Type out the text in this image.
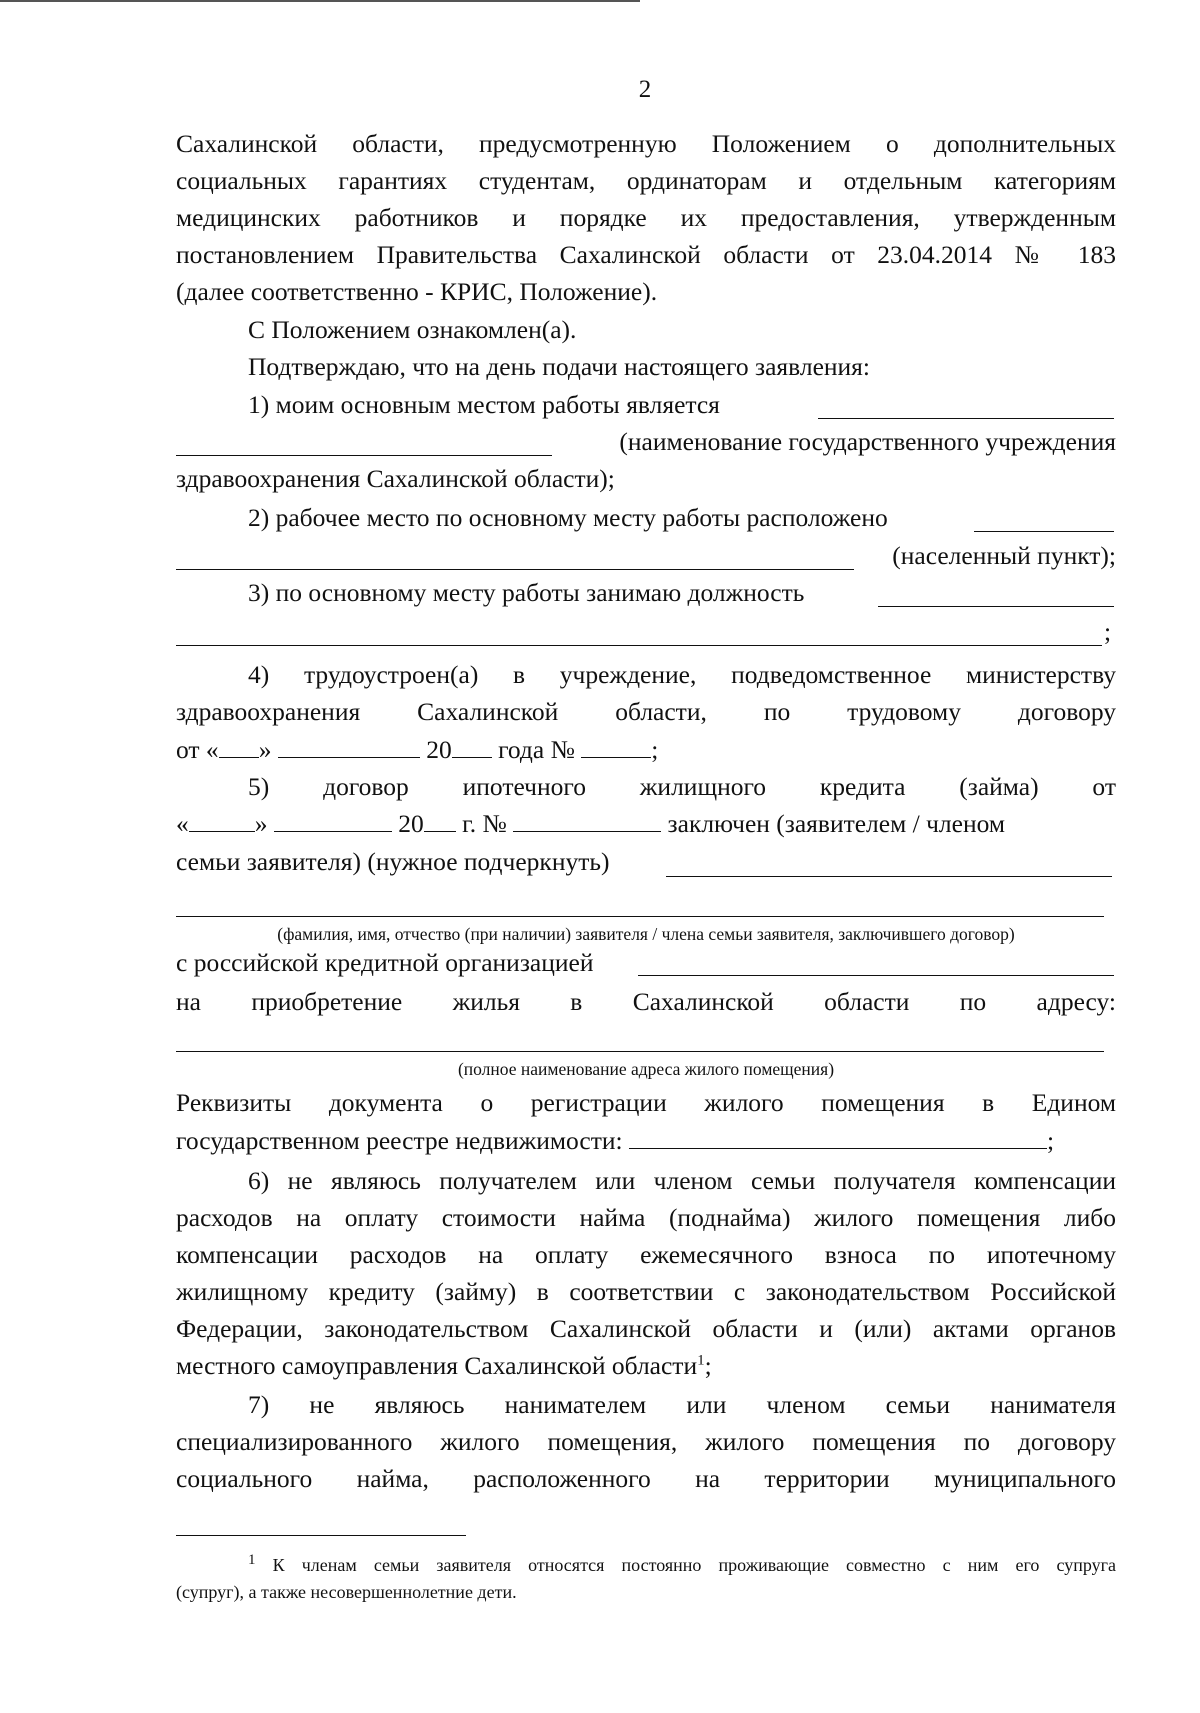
2
Сахалинской области, предусмотренную Положением о дополнительных
социальных гарантиях студентам, ординаторам и отдельным категориям
медицинских работников и порядке их предоставления, утвержденным
постановлением Правительства Сахалинской области от 23.04.2014 № 183
(далее соответственно - КРИС, Положение).
С Положением ознакомлен(а).
Подтверждаю, что на день подачи настоящего заявления:
1) моим основным местом работы является
(наименование государственного учреждения
здравоохранения Сахалинской области);
2) рабочее место по основному месту работы расположено
(населенный пункт);
3) по основному месту работы занимаю должность
;
4) трудоустроен(а) в учреждение, подведомственное министерству
здравоохранения Сахалинской области, по трудовому договору
от « »	20 года №	;
5) договор ипотечного жилищного кредита (займа) от
«	»	20 г. №	заключен (заявителем / членом
семьи заявителя) (нужное подчеркнуть)
(фамилия, имя, отчество (при наличии) заявителя / члена семьи заявителя, заключившего договор)
с российской кредитной организацией
на приобретение жилья в Сахалинской области по адресу:
(полное наименование адреса жилого помещения)
Реквизиты документа о регистрации жилого помещения в Едином
государственном реестре недвижимости:	;
6) не являюсь получателем или членом семьи получателя компенсации
расходов на оплату стоимости найма (поднайма) жилого помещения либо
компенсации расходов на оплату ежемесячного взноса по ипотечному
жилищному кредиту (займу) в соответствии с законодательством Российской
Федерации, законодательством Сахалинской области и (или) актами органов
местного самоуправления Сахалинской области$^1$;
7) не являюсь нанимателем или членом семьи нанимателя
специализированного жилого помещения, жилого помещения по договору
социального найма, расположенного на территории муниципального
$^1$ К членам семьи заявителя относятся постоянно проживающие совместно с ним его супруга
(супруг), а также несовершеннолетние дети.
